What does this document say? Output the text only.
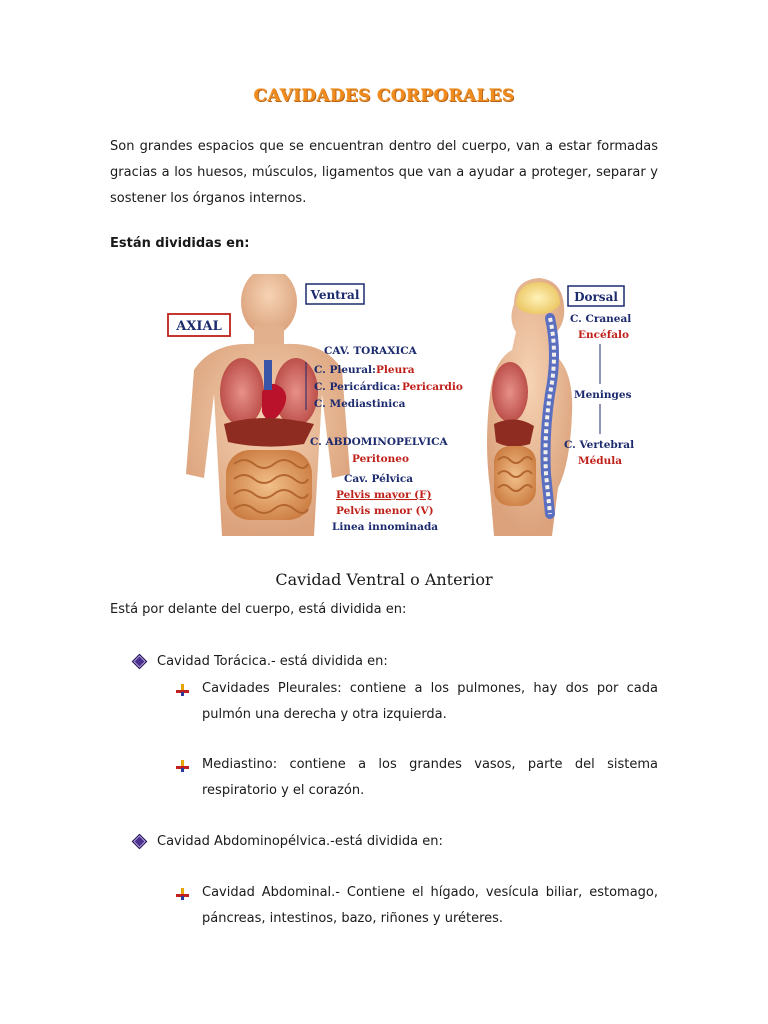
CAVIDADES CORPORALES
Son grandes espacios que se encuentran dentro del cuerpo, van a estar formadas gracias a los huesos, músculos, ligamentos que van a ayudar a proteger, separar y sostener los órganos internos.
Están divididas en:
Ventral
AXIAL
Dorsal
CAV. TORAXICA
C. Pleural: Pleura
C. Pericárdica: Pericardio
C. Mediastinica
C. ABDOMINOPELVICA
Peritoneo
Cav. Pélvica
Pelvis mayor (F)
Pelvis menor (V)
Linea innominada
C. Craneal
Encéfalo
Meninges
C. Vertebral
Médula
Cavidad Ventral o Anterior
Está por delante del cuerpo, está dividida en:
Cavidad Torácica.- está dividida en:
Cavidades Pleurales: contiene a los pulmones, hay dos por cada pulmón una derecha y otra izquierda.
Mediastino: contiene a los grandes vasos, parte del sistema respiratorio y el corazón.
Cavidad Abdominopélvica.-está dividida en:
Cavidad Abdominal.- Contiene el hígado, vesícula biliar, estomago, páncreas, intestinos, bazo, riñones y uréteres.
